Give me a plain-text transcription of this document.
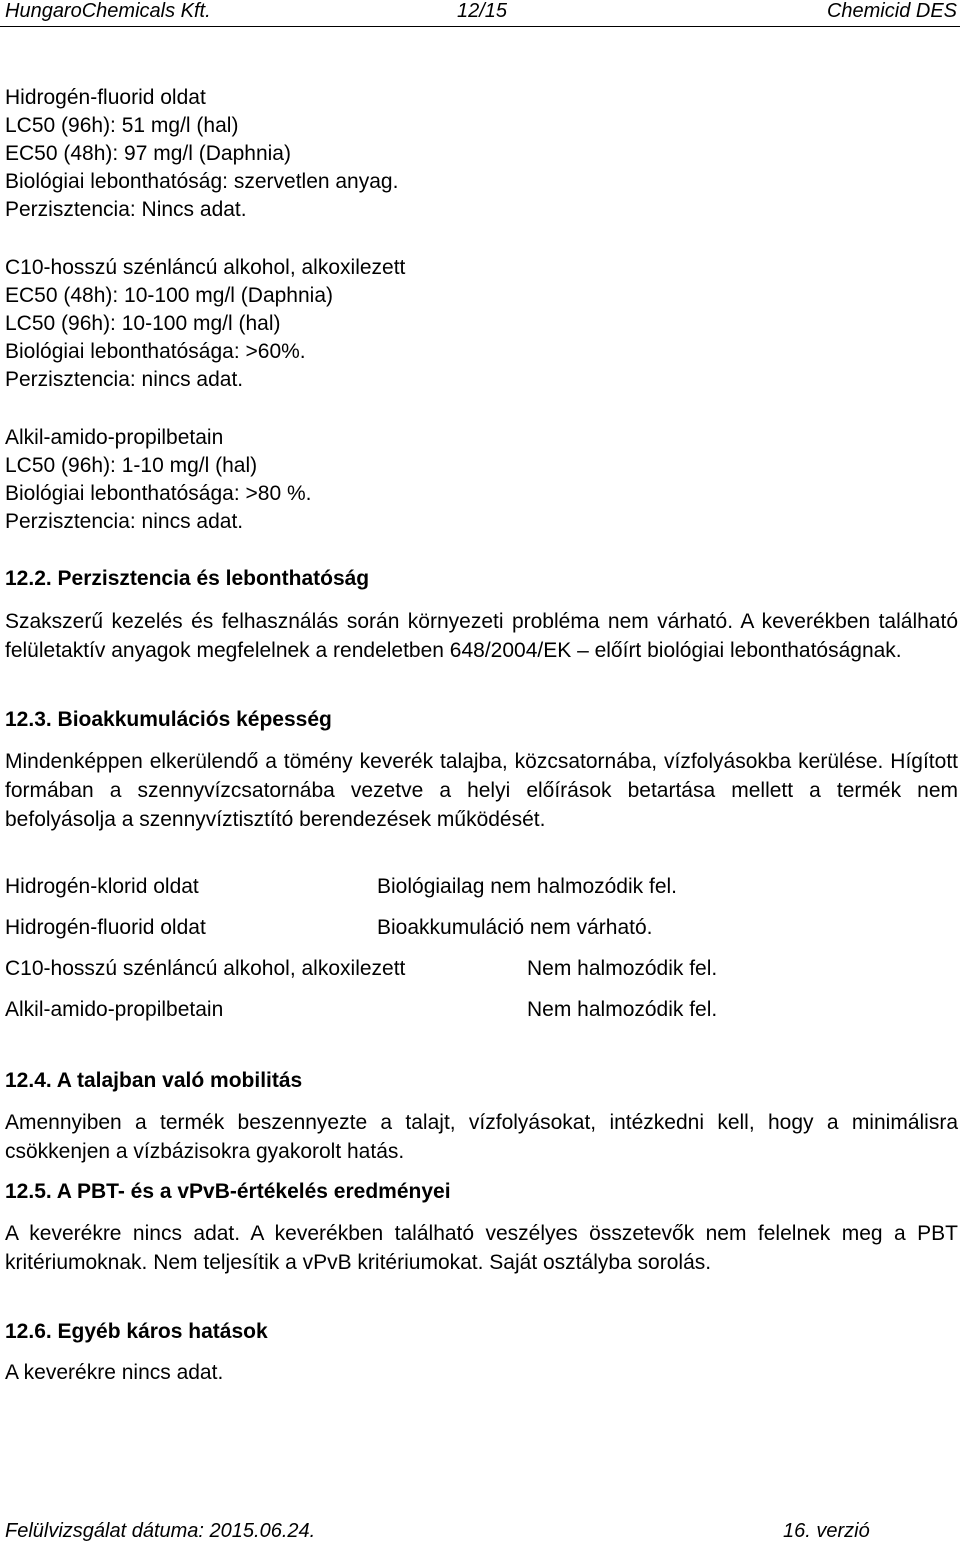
HungaroChemicals Kft.	12/15	Chemicid DES
Hidrogén-fluorid oldat
LC50 (96h): 51 mg/l (hal)
EC50 (48h): 97 mg/l (Daphnia)
Biológiai lebonthatóság: szervetlen anyag.
Perzisztencia: Nincs adat.
C10-hosszú szénláncú alkohol, alkoxilezett
EC50 (48h): 10-100 mg/l (Daphnia)
LC50 (96h): 10-100 mg/l (hal)
Biológiai lebonthatósága: >60%.
Perzisztencia: nincs adat.
Alkil-amido-propilbetain
LC50 (96h): 1-10 mg/l (hal)
Biológiai lebonthatósága: >80 %.
Perzisztencia: nincs adat.
12.2. Perzisztencia és lebonthatóság
Szakszerű kezelés és felhasználás során környezeti probléma nem várható. A keverékben található felületaktív anyagok megfelelnek a rendeletben 648/2004/EK – előírt biológiai lebonthatóságnak.
12.3. Bioakkumulációs képesség
Mindenképpen elkerülendő a tömény keverék talajba, közcsatornába, vízfolyásokba kerülése. Hígított formában a szennyvízcsatornába vezetve a helyi előírások betartása mellett a termék nem befolyásolja a szennyvíztisztító berendezések működését.
Hidrogén-klorid oldat	Biológiailag nem halmozódik fel.
Hidrogén-fluorid oldat	Bioakkumuláció nem várható.
C10-hosszú szénláncú alkohol, alkoxilezett	Nem halmozódik fel.
Alkil-amido-propilbetain	Nem halmozódik fel.
12.4. A talajban való mobilitás
Amennyiben a termék beszennyezte a talajt, vízfolyásokat, intézkedni kell, hogy a minimálisra csökkenjen a vízbázisokra gyakorolt hatás.
12.5. A PBT- és a vPvB-értékelés eredményei
A keverékre nincs adat. A keverékben található veszélyes összetevők nem felelnek meg a PBT kritériumoknak. Nem teljesítik a vPvB kritériumokat. Saját osztályba sorolás.
12.6. Egyéb káros hatások
A keverékre nincs adat.
Felülvizsgálat dátuma: 2015.06.24.	16. verzió
